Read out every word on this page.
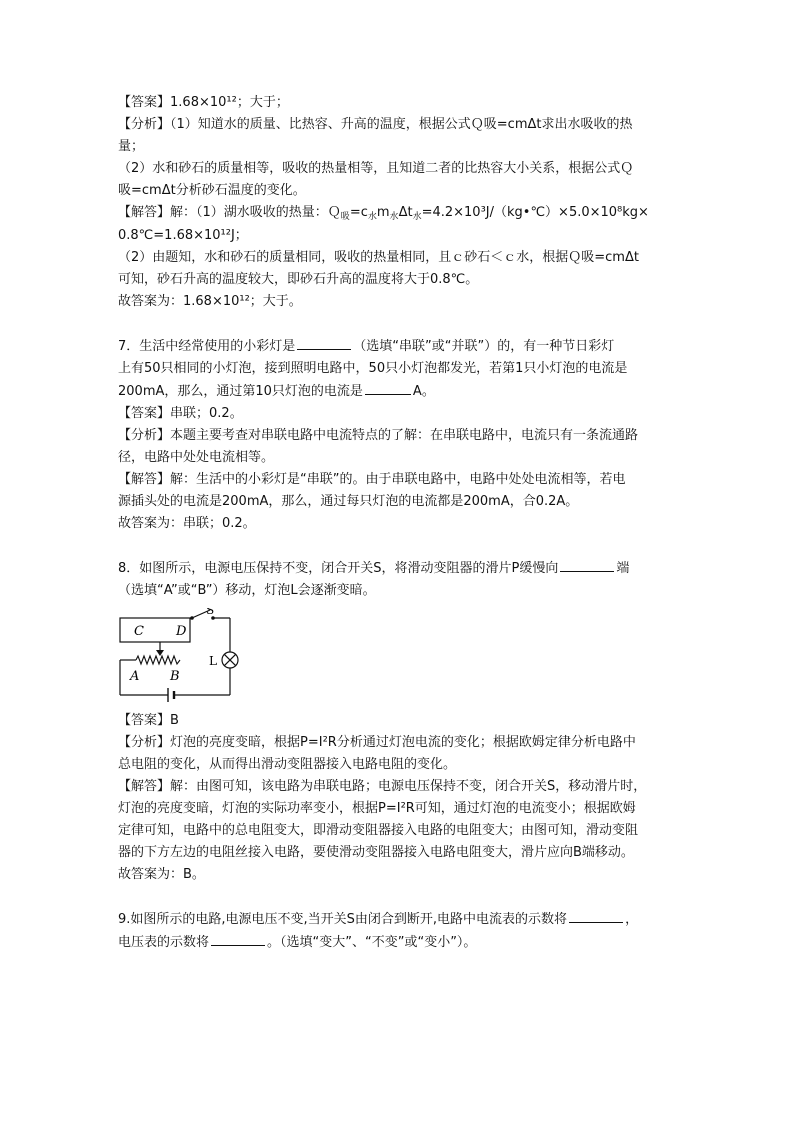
【答案】1.68×10¹²；大于；

【分析】（1）知道水的质量、比热容、升高的温度，根据公式Ｑ吸=cmΔt求出水吸收的热

量；

（2）水和砂石的质量相等，吸收的热量相等，且知道二者的比热容大小关系，根据公式Ｑ

吸=cmΔt分析砂石温度的变化。

【解答】解：（1）湖水吸收的热量：$Q_吸=c_水m_水\Delta t_水=4.2\times 10^3J/(kg•℃)\times 5.0\times 10^8kg\times$

0.8℃=1.68×10¹²J；

（2）由题知，水和砂石的质量相同，吸收的热量相同，且ｃ砂石＜ｃ水，根据Ｑ吸=cmΔt

可知，砂石升高的温度较大，即砂石升高的温度将大于0.8℃。

故答案为：1.68×10¹²；大于。

7．生活中经常使用的小彩灯是	（选填“串联”或“并联”）的，有一种节日彩灯

上有50只相同的小灯泡，接到照明电路中，50只小灯泡都发光，若第1只小灯泡的电流是

200mA，那么，通过第10只灯泡的电流是	A。

【答案】串联；0.2。

【分析】本题主要考查对串联电路中电流特点的了解：在串联电路中，电流只有一条流通路

径，电路中处处电流相等。

【解答】解：生活中的小彩灯是“串联”的。由于串联电路中，电路中处处电流相等，若电

源插头处的电流是200mA，那么，通过每只灯泡的电流都是200mA，合0.2A。

故答案为：串联；0.2。

8．如图所示，电源电压保持不变，闭合开关S，将滑动变阻器的滑片P缓慢向	端

（选填“A”或“B”）移动，灯泡L会逐渐变暗。

C D
S
L
A B

【答案】B

【分析】灯泡的亮度变暗，根据P=I²R分析通过灯泡电流的变化；根据欧姆定律分析电路中

总电阻的变化，从而得出滑动变阻器接入电路电阻的变化。

【解答】解：由图可知，该电路为串联电路；电源电压保持不变，闭合开关S，移动滑片时，

灯泡的亮度变暗，灯泡的实际功率变小，根据P=I²R可知，通过灯泡的电流变小；根据欧姆

定律可知，电路中的总电阻变大，即滑动变阻器接入电路的电阻变大；由图可知，滑动变阻

器的下方左边的电阻丝接入电路，要使滑动变阻器接入电路电阻变大，滑片应向B端移动。

故答案为：B。

9.如图所示的电路,电源电压不变,当开关S由闭合到断开,电路中电流表的示数将	，

电压表的示数将	。（选填“变大”、“不变”或“变小”）。
